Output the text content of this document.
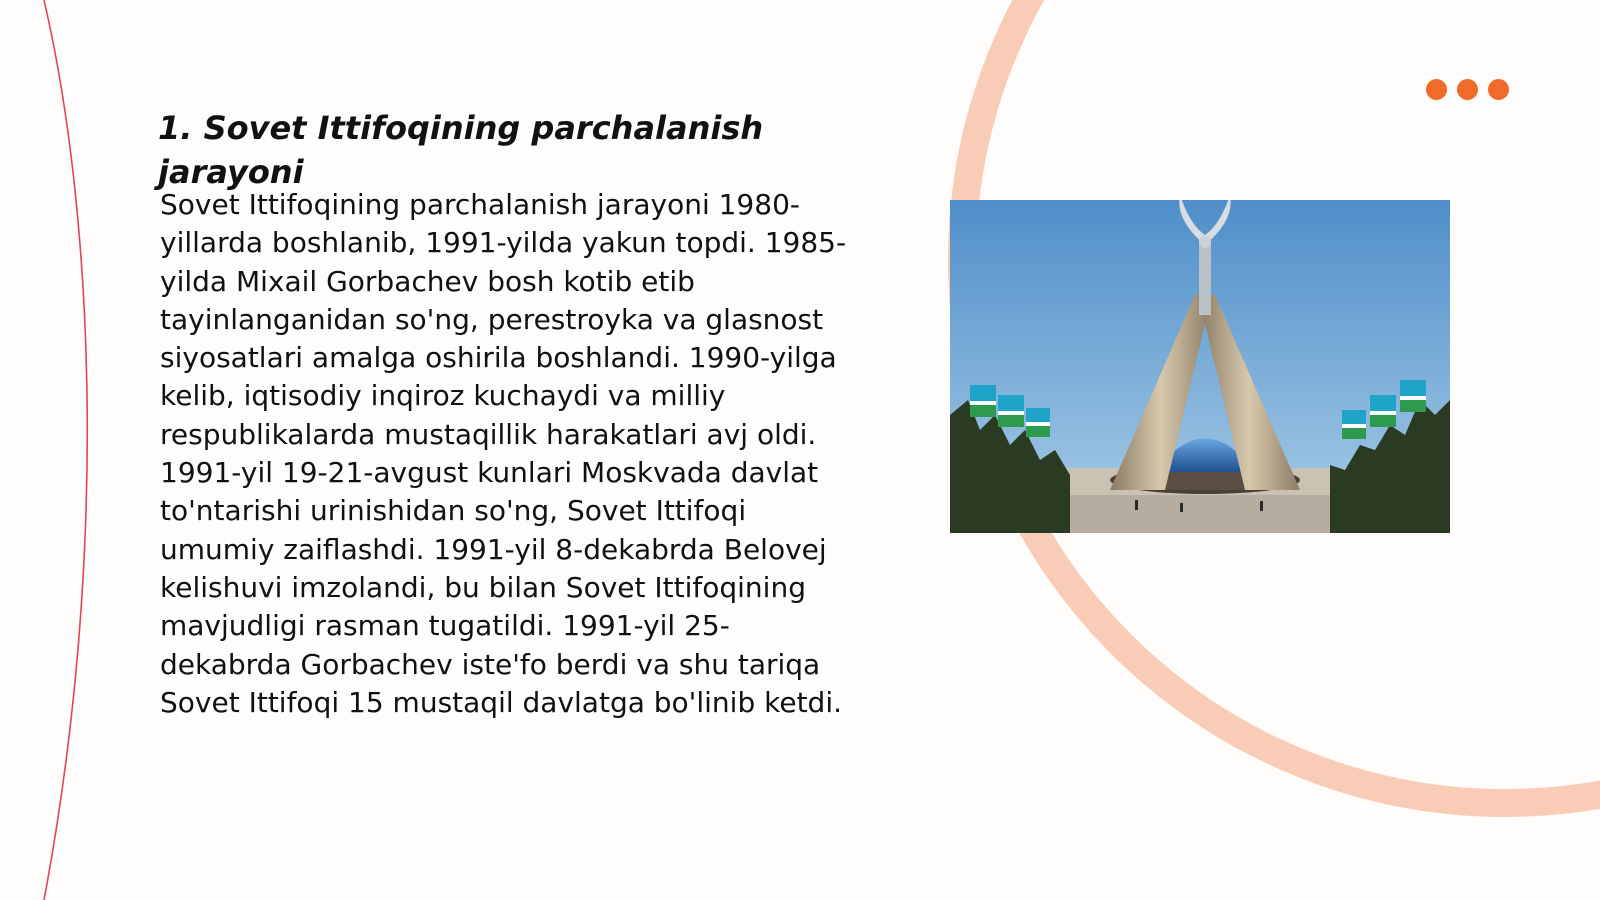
1. Sovet Ittifoqining parchalanish jarayoni

Sovet Ittifoqining parchalanish jarayoni 1980-yillarda boshlanib, 1991-yilda yakun topdi. 1985-yilda Mixail Gorbachev bosh kotib etib tayinlanganidan so'ng, perestroyka va glasnost siyosatlari amalga oshirila boshlandi. 1990-yilga kelib, iqtisodiy inqiroz kuchaydi va milliy respublikalarda mustaqillik harakatlari avj oldi. 1991-yil 19-21-avgust kunlari Moskvada davlat to'ntarishi urinishidan so'ng, Sovet Ittifoqi umumiy zaiflashdi. 1991-yil 8-dekabrda Belovej kelishuvi imzolandi, bu bilan Sovet Ittifoqining mavjudligi rasman tugatildi. 1991-yil 25-dekabrda Gorbachev iste'fo berdi va shu tariqa Sovet Ittifoqi 15 mustaqil davlatga bo'linib ketdi.
